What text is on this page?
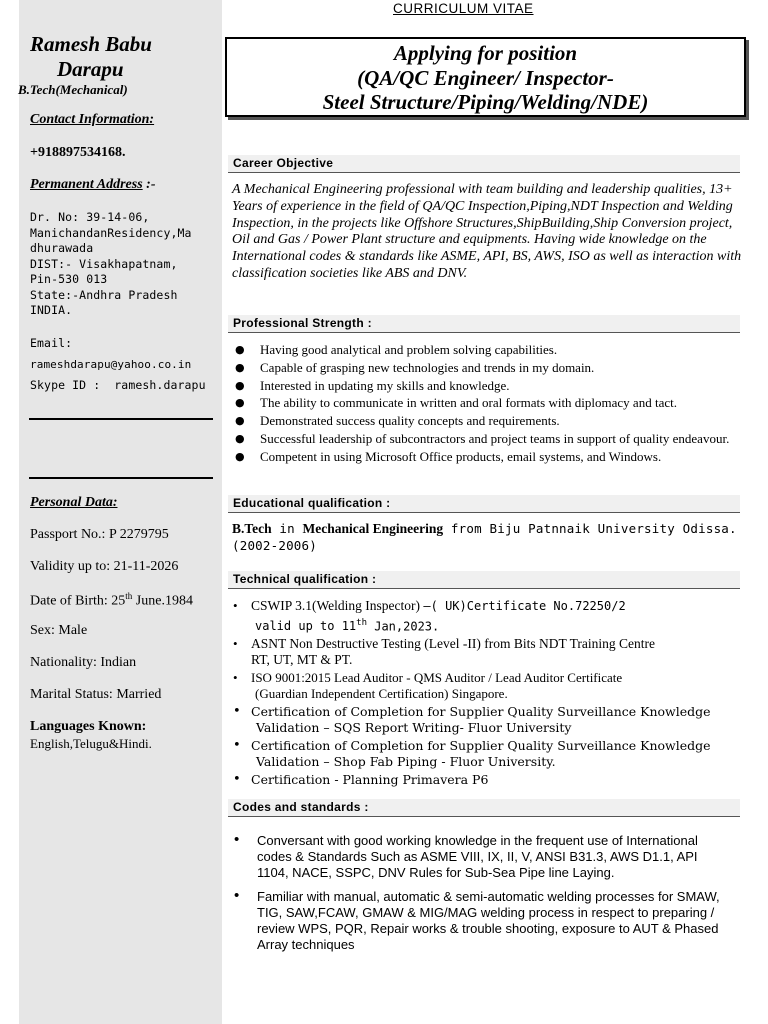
Ramesh Babu
Darapu
B.Tech(Mechanical)
Contact Information:
+918897534168.
Permanent Address :-
Dr. No: 39-14-06,
ManichandanResidency,Ma
dhurawada
DIST:- Visakhapatnam,
Pin-530 013
State:-Andhra Pradesh
INDIA.
Email:
rameshdarapu@yahoo.co.in
Skype ID :  ramesh.darapu
Personal Data:
Passport No.: P 2279795
Validity up to: 21-11-2026
Date of Birth: 25th June.1984
Sex: Male
Nationality: Indian
Marital Status: Married
Languages Known:
English,Telugu&Hindi.
CURRICULUM VITAE
Applying for position
(QA/QC Engineer/ Inspector-
Steel Structure/Piping/Welding/NDE)
Career Objective
A Mechanical Engineering professional with team building and leadership qualities, 13+ Years of experience in the field of QA/QC Inspection,Piping,NDT Inspection and Welding Inspection, in the projects like Offshore Structures,ShipBuilding,Ship Conversion project, Oil and Gas / Power Plant structure and equipments. Having wide knowledge on the International codes & standards like ASME, API, BS, AWS, ISO as well as interaction with classification societies like ABS and DNV.
Professional Strength :
● Having good analytical and problem solving capabilities.
● Capable of grasping new technologies and trends in my domain.
● Interested in updating my skills and knowledge.
● The ability to communicate in written and oral formats with diplomacy and tact.
● Demonstrated success quality concepts and requirements.
● Successful leadership of subcontractors and project teams in support of quality endeavour.
● Competent in using Microsoft Office products, email systems, and Windows.
Educational qualification :
B.Tech in Mechanical Engineering from Biju Patnnaik University Odissa.(2002-2006)
Technical qualification :
• CSWIP 3.1(Welding Inspector) –( UK)Certificate No.72250/2
valid up to 11th Jan,2023.
• ASNT Non Destructive Testing (Level -II) from Bits NDT Training Centre
RT, UT, MT & PT.
• ISO 9001:2015 Lead Auditor - QMS Auditor / Lead Auditor Certificate
(Guardian Independent Certification) Singapore.
• Certification of Completion for Supplier Quality Surveillance Knowledge
Validation – SQS Report Writing- Fluor University
• Certification of Completion for Supplier Quality Surveillance Knowledge
Validation – Shop Fab Piping - Fluor University.
• Certification - Planning Primavera P6
Codes and standards :
• Conversant with good working knowledge in the frequent use of International codes & Standards Such as ASME VIII, IX, II, V, ANSI B31.3, AWS D1.1, API 1104, NACE, SSPC, DNV Rules for Sub-Sea Pipe line Laying.
• Familiar with manual, automatic & semi-automatic welding processes for SMAW, TIG, SAW,FCAW, GMAW & MIG/MAG welding process in respect to preparing / review WPS, PQR, Repair works & trouble shooting, exposure to AUT & Phased Array techniques
